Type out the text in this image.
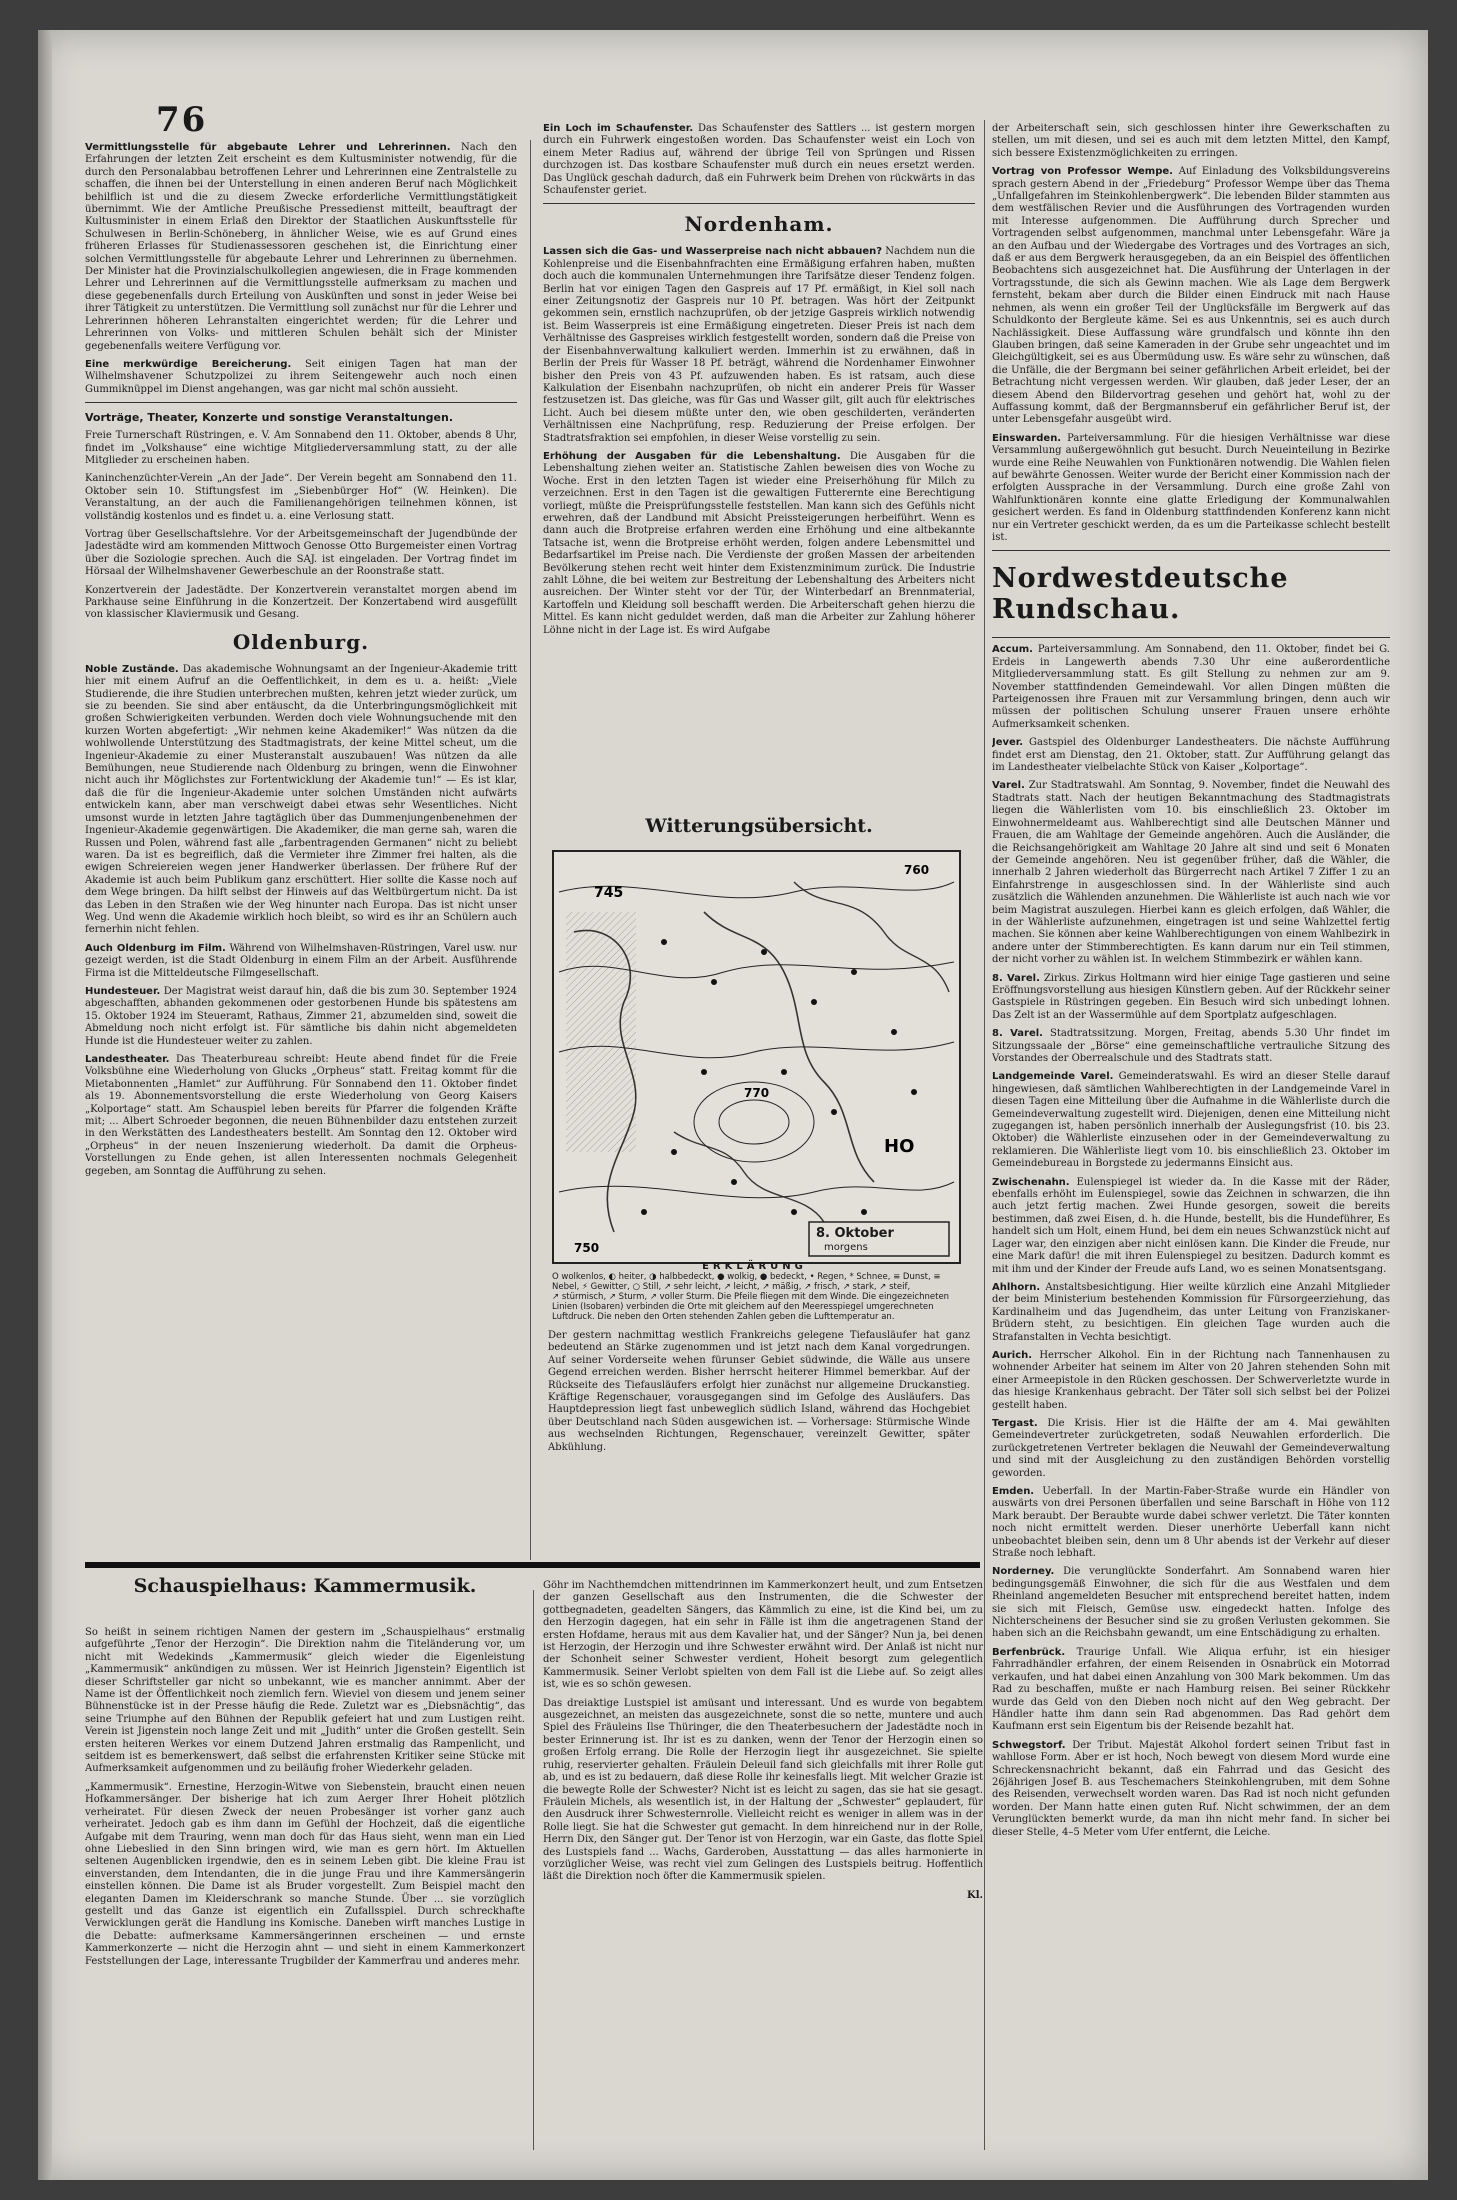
76

Vermittlungsstelle für abgebaute Lehrer und Lehrerinnen. Nach den Erfahrungen der letzten Zeit erscheint es dem Kultusminister notwendig, für die durch den Personalabbau betroffenen Lehrer und Lehrerinnen eine Zentralstelle zu schaffen, die ihnen bei der Unterstellung in einen anderen Beruf nach Möglichkeit behilflich ist und die zu diesem Zwecke erforderliche Vermittlungstätigkeit übernimmt. Wie der Amtliche Preußische Pressedienst mitteilt, beauftragt der Kultusminister in einem Erlaß den Direktor der Staatlichen Auskunftsstelle für Schulwesen in Berlin-Schöneberg, in ähnlicher Weise, wie es auf Grund eines früheren Erlasses für Studienassessoren geschehen ist, die Einrichtung einer solchen Vermittlungsstelle für abgebaute Lehrer und Lehrerinnen zu übernehmen. Der Minister hat die Provinzialschulkollegien angewiesen, die in Frage kommenden Lehrer und Lehrerinnen auf die Vermittlungsstelle aufmerksam zu machen und diese gegebenenfalls durch Erteilung von Auskünften und sonst in jeder Weise bei ihrer Tätigkeit zu unterstützen. Die Vermittlung soll zunächst nur für die Lehrer und Lehrerinnen höheren Lehranstalten eingerichtet werden; für die Lehrer und Lehrerinnen von Volks- und mittleren Schulen behält sich der Minister gegebenenfalls weitere Verfügung vor.

Eine merkwürdige Bereicherung. Seit einigen Tagen hat man der Wilhelmshavener Schutzpolizei zu ihrem Seitengewehr auch noch einen Gummiknüppel im Dienst angehangen, was gar nicht mal schön aussieht.

Vorträge, Theater, Konzerte und sonstige Veranstaltungen.

Freie Turnerschaft Rüstringen, e. V. Am Sonnabend den 11. Oktober, abends 8 Uhr, findet im „Volkshause“ eine wichtige Mitgliederversammlung statt, zu der alle Mitglieder zu erscheinen haben.

Kaninchenzüchter-Verein „An der Jade“. Der Verein begeht am Sonnabend den 11. Oktober sein 10. Stiftungsfest im „Siebenbürger Hof“ (W. Heinken). Die Veranstaltung, an der auch die Familienangehörigen teilnehmen können, ist vollständig kostenlos und es findet u. a. eine Verlosung statt.

Vortrag über Gesellschaftslehre. Vor der Arbeitsgemeinschaft der Jugendbünde der Jadestädte wird am kommenden Mittwoch Genosse Otto Burgemeister einen Vortrag über die Soziologie sprechen. Auch die SAJ. ist eingeladen. Der Vortrag findet im Hörsaal der Wilhelmshavener Gewerbeschule an der Roonstraße statt.

Konzertverein der Jadestädte. Der Konzertverein veranstaltet morgen abend im Parkhause seine Einführung in die Konzertzeit. Der Konzertabend wird ausgefüllt von klassischer Klaviermusik und Gesang.

Oldenburg.

Noble Zustände. Das akademische Wohnungsamt an der Ingenieur-Akademie tritt hier mit einem Aufruf an die Oeffentlichkeit, in dem es u. a. heißt: „Viele Studierende, die ihre Studien unterbrechen mußten, kehren jetzt wieder zurück, um sie zu beenden. Sie sind aber entäuscht, da die Unterbringungsmöglichkeit mit großen Schwierigkeiten verbunden. Werden doch viele Wohnungsuchende mit den kurzen Worten abgefertigt: „Wir nehmen keine Akademiker!“ Was nützen da die wohlwollende Unterstützung des Stadtmagistrats, der keine Mittel scheut, um die Ingenieur-Akademie zu einer Musteranstalt auszubauen! Was nützen da alle Bemühungen, neue Studierende nach Oldenburg zu bringen, wenn die Einwohner nicht auch ihr Möglichstes zur Fortentwicklung der Akademie tun!“ — Es ist klar, daß die für die Ingenieur-Akademie unter solchen Umständen nicht aufwärts entwickeln kann, aber man verschweigt dabei etwas sehr Wesentliches. Nicht umsonst wurde in letzten Jahre tagtäglich über das Dummenjungenbenehmen der Ingenieur-Akademie gegenwärtigen. Die Akademiker, die man gerne sah, waren die Russen und Polen, während fast alle „farbentragenden Germanen“ nicht zu beliebt waren. Da ist es begreiflich, daß die Vermieter ihre Zimmer frei halten, als die ewigen Schreiereien wegen jener Handwerker überlassen. Der frühere Ruf der Akademie ist auch beim Publikum ganz erschüttert. Hier sollte die Kasse noch auf dem Wege bringen. Da hilft selbst der Hinweis auf das Weltbürgertum nicht. Da ist das Leben in den Straßen wie der Weg hinunter nach Europa. Das ist nicht unser Weg. Und wenn die Akademie wirklich hoch bleibt, so wird es ihr an Schülern auch fernerhin nicht fehlen.

Auch Oldenburg im Film. Während von Wilhelmshaven-Rüstringen, Varel usw. nur gezeigt werden, ist die Stadt Oldenburg in einem Film an der Arbeit. Ausführende Firma ist die Mitteldeutsche Filmgesellschaft.

Hundesteuer. Der Magistrat weist darauf hin, daß die bis zum 30. September 1924 abgeschafften, abhanden gekommenen oder gestorbenen Hunde bis spätestens am 15. Oktober 1924 im Steueramt, Rathaus, Zimmer 21, abzumelden sind, soweit die Abmeldung noch nicht erfolgt ist. Für sämtliche bis dahin nicht abgemeldeten Hunde ist die Hundesteuer weiter zu zahlen.

Landestheater. Das Theaterbureau schreibt: Heute abend findet für die Freie Volksbühne eine Wiederholung von Glucks „Orpheus“ statt. Freitag kommt für die Mietabonnenten „Hamlet“ zur Aufführung. Für Sonnabend den 11. Oktober findet als 19. Abonnementsvorstellung die erste Wiederholung von Georg Kaisers „Kolportage“ statt. Am Schauspiel leben bereits für Pfarrer die folgenden Kräfte mit; ... Albert Schroeder begonnen, die neuen Bühnenbilder dazu entstehen zurzeit in den Werkstätten des Landestheaters bestellt. Am Sonntag den 12. Oktober wird „Orpheus“ in der neuen Inszenierung wiederholt. Da damit die Orpheus-Vorstellungen zu Ende gehen, ist allen Interessenten nochmals Gelegenheit gegeben, am Sonntag die Aufführung zu sehen.

Ein Loch im Schaufenster. Das Schaufenster des Sattlers ... ist gestern morgen durch ein Fuhrwerk eingestoßen worden. Das Schaufenster weist ein Loch von einem Meter Radius auf, während der übrige Teil von Sprüngen und Rissen durchzogen ist. Das kostbare Schaufenster muß durch ein neues ersetzt werden. Das Unglück geschah dadurch, daß ein Fuhrwerk beim Drehen von rückwärts in das Schaufenster geriet.

Nordenham.

Lassen sich die Gas- und Wasserpreise nach nicht abbauen? Nachdem nun die Kohlenpreise und die Eisenbahnfrachten eine Ermäßigung erfahren haben, mußten doch auch die kommunalen Unternehmungen ihre Tarifsätze dieser Tendenz folgen. Berlin hat vor einigen Tagen den Gaspreis auf 17 Pf. ermäßigt, in Kiel soll nach einer Zeitungsnotiz der Gaspreis nur 10 Pf. betragen. Was hört der Zeitpunkt gekommen sein, ernstlich nachzuprüfen, ob der jetzige Gaspreis wirklich notwendig ist. Beim Wasserpreis ist eine Ermäßigung eingetreten. Dieser Preis ist nach dem Verhältnisse des Gaspreises wirklich festgestellt worden, sondern daß die Preise von der Eisenbahnverwaltung kalkuliert werden. Immerhin ist zu erwähnen, daß in Berlin der Preis für Wasser 18 Pf. beträgt, während die Nordenhamer Einwohner bisher den Preis von 43 Pf. aufzuwenden haben. Es ist ratsam, auch diese Kalkulation der Eisenbahn nachzuprüfen, ob nicht ein anderer Preis für Wasser festzusetzen ist. Das gleiche, was für Gas und Wasser gilt, gilt auch für elektrisches Licht. Auch bei diesem müßte unter den, wie oben geschilderten, veränderten Verhältnissen eine Nachprüfung, resp. Reduzierung der Preise erfolgen. Der Stadtratsfraktion sei empfohlen, in dieser Weise vorstellig zu sein.

Erhöhung der Ausgaben für die Lebenshaltung. Die Ausgaben für die Lebenshaltung ziehen weiter an. Statistische Zahlen beweisen dies von Woche zu Woche. Erst in den letzten Tagen ist wieder eine Preiserhöhung für Milch zu verzeichnen. Erst in den Tagen ist die gewaltigen Futterernte eine Berechtigung vorliegt, müßte die Preisprüfungsstelle feststellen. Man kann sich des Gefühls nicht erwehren, daß der Landbund mit Absicht Preissteigerungen herbeiführt. Wenn es dann auch die Brotpreise erfahren werden eine Erhöhung und eine altbekannte Tatsache ist, wenn die Brotpreise erhöht werden, folgen andere Lebensmittel und Bedarfsartikel im Preise nach. Die Verdienste der großen Massen der arbeitenden Bevölkerung stehen recht weit hinter dem Existenzminimum zurück. Die Industrie zahlt Löhne, die bei weitem zur Bestreitung der Lebenshaltung des Arbeiters nicht ausreichen. Der Winter steht vor der Tür, der Winterbedarf an Brennmaterial, Kartoffeln und Kleidung soll beschafft werden. Die Arbeiterschaft gehen hierzu die Mittel. Es kann nicht geduldet werden, daß man die Arbeiter zur Zahlung höherer Löhne nicht in der Lage ist. Es wird Aufgabe

Witterungsübersicht.
745
760
HO
770
750
8. Oktober
morgens
ERKLÄRUNG
O wolkenlos, ◐ heiter, ◑ halbbedeckt, ● wolkig, ● bedeckt, • Regen, * Schnee, ≡ Dunst, ≡ Nebel, ⚡ Gewitter, ○ Still, ↗ sehr leicht, ↗ leicht, ↗ mäßig, ↗ frisch, ↗ stark, ↗ steif,
↗ stürmisch, ↗ Sturm, ↗ voller Sturm. Die Pfeile fliegen mit dem Winde. Die eingezeichneten Linien (Isobaren) verbinden die Orte mit gleichem auf den Meeresspiegel umgerechneten Luftdruck. Die neben den Orten stehenden Zahlen geben die Lufttemperatur an.

Der gestern nachmittag westlich Frankreichs gelegene Tiefausläufer hat ganz bedeutend an Stärke zugenommen und ist jetzt nach dem Kanal vorgedrungen. Auf seiner Vorderseite wehen fürunser Gebiet südwinde, die Wälle aus unsere Gegend erreichen werden. Bisher herrscht heiterer Himmel bemerkbar. Auf der Rückseite des Tiefausläufers erfolgt hier zunächst nur allgemeine Druckanstieg. Kräftige Regenschauer, vorausgegangen sind im Gefolge des Ausläufers. Das Hauptdepression liegt fast unbeweglich südlich Island, während das Hochgebiet über Deutschland nach Süden ausgewichen ist. — Vorhersage: Stürmische Winde aus wechselnden Richtungen, Regenschauer, vereinzelt Gewitter, später Abkühlung.

der Arbeiterschaft sein, sich geschlossen hinter ihre Gewerkschaften zu stellen, um mit diesen, und sei es auch mit dem letzten Mittel, den Kampf, sich bessere Existenzmöglichkeiten zu erringen.

Vortrag von Professor Wempe. Auf Einladung des Volksbildungsvereins sprach gestern Abend in der „Friedeburg“ Professor Wempe über das Thema „Unfallgefahren im Steinkohlenbergwerk“. Die lebenden Bilder stammten aus dem westfälischen Revier und die Ausführungen des Vortragenden wurden mit Interesse aufgenommen. Die Aufführung durch Sprecher und Vortragenden selbst aufgenommen, manchmal unter Lebensgefahr. Wäre ja an den Aufbau und der Wiedergabe des Vortrages und des Vortrages an sich, daß er aus dem Bergwerk herausgegeben, da an ein Beispiel des öffentlichen Beobachtens sich ausgezeichnet hat. Die Ausführung der Unterlagen in der Vortragsstunde, die sich als Gewinn machen. Wie als Lage dem Bergwerk fernsteht, bekam aber durch die Bilder einen Eindruck mit nach Hause nehmen, als wenn ein großer Teil der Unglücksfälle im Bergwerk auf das Schuldkonto der Bergleute käme. Sei es aus Unkenntnis, sei es auch durch Nachlässigkeit. Diese Auffassung wäre grundfalsch und könnte ihn den Glauben bringen, daß seine Kameraden in der Grube sehr ungeachtet und im Gleichgültigkeit, sei es aus Übermüdung usw. Es wäre sehr zu wünschen, daß die Unfälle, die der Bergmann bei seiner gefährlichen Arbeit erleidet, bei der Betrachtung nicht vergessen werden. Wir glauben, daß jeder Leser, der an diesem Abend den Bildervortrag gesehen und gehört hat, wohl zu der Auffassung kommt, daß der Bergmannsberuf ein gefährlicher Beruf ist, der unter Lebensgefahr ausgeübt wird.

Einswarden. Parteiversammlung. Für die hiesigen Verhältnisse war diese Versammlung außergewöhnlich gut besucht. Durch Neueinteilung in Bezirke wurde eine Reihe Neuwahlen von Funktionären notwendig. Die Wahlen fielen auf bewährte Genossen. Weiter wurde der Bericht einer Kommission nach der erfolgten Aussprache in der Versammlung. Durch eine große Zahl von Wahlfunktionären konnte eine glatte Erledigung der Kommunalwahlen gesichert werden. Es fand in Oldenburg stattfindenden Konferenz kann nicht nur ein Vertreter geschickt werden, da es um die Parteikasse schlecht bestellt ist.

Nordwestdeutsche Rundschau.

Accum. Parteiversammlung. Am Sonnabend, den 11. Oktober, findet bei G. Erdeis in Langewerth abends 7.30 Uhr eine außerordentliche Mitgliederversammlung statt. Es gilt Stellung zu nehmen zur am 9. November stattfindenden Gemeindewahl. Vor allen Dingen müßten die Parteigenossen ihre Frauen mit zur Versammlung bringen, denn auch wir müssen der politischen Schulung unserer Frauen unsere erhöhte Aufmerksamkeit schenken.

Jever. Gastspiel des Oldenburger Landestheaters. Die nächste Aufführung findet erst am Dienstag, den 21. Oktober, statt. Zur Aufführung gelangt das im Landestheater vielbelachte Stück von Kaiser „Kolportage“.

Varel. Zur Stadtratswahl. Am Sonntag, 9. November, findet die Neuwahl des Stadtrats statt. Nach der heutigen Bekanntmachung des Stadtmagistrats liegen die Wählerlisten vom 10. bis einschließlich 23. Oktober im Einwohnermeldeamt aus. Wahlberechtigt sind alle Deutschen Männer und Frauen, die am Wahltage der Gemeinde angehören. Auch die Ausländer, die die Reichsangehörigkeit am Wahltage 20 Jahre alt sind und seit 6 Monaten der Gemeinde angehören. Neu ist gegenüber früher, daß die Wähler, die innerhalb 2 Jahren wiederholt das Bürgerrecht nach Artikel 7 Ziffer 1 zu an Einfahrstrenge in ausgeschlossen sind. In der Wählerliste sind auch zusätzlich die Wählenden anzunehmen. Die Wählerliste ist auch nach wie vor beim Magistrat auszulegen. Hierbei kann es gleich erfolgen, daß Wähler, die in der Wählerliste aufzunehmen, eingetragen ist und seine Wahlzettel fertig machen. Sie können aber keine Wahlberechtigungen von einem Wahlbezirk in andere unter der Stimmberechtigten. Es kann darum nur ein Teil stimmen, der nicht vorher zu wählen ist. In welchem Stimmbezirk er wählen kann.

8. Varel. Zirkus. Zirkus Holtmann wird hier einige Tage gastieren und seine Eröffnungsvorstellung aus hiesigen Künstlern geben. Auf der Rückkehr seiner Gastspiele in Rüstringen gegeben. Ein Besuch wird sich unbedingt lohnen. Das Zelt ist an der Wassermühle auf dem Sportplatz aufgeschlagen.

8. Varel. Stadtratssitzung. Morgen, Freitag, abends 5.30 Uhr findet im Sitzungssaale der „Börse“ eine gemeinschaftliche vertrauliche Sitzung des Vorstandes der Oberrealschule und des Stadtrats statt.

Landgemeinde Varel. Gemeinderatswahl. Es wird an dieser Stelle darauf hingewiesen, daß sämtlichen Wahlberechtigten in der Landgemeinde Varel in diesen Tagen eine Mitteilung über die Aufnahme in die Wählerliste durch die Gemeindeverwaltung zugestellt wird. Diejenigen, denen eine Mitteilung nicht zugegangen ist, haben persönlich innerhalb der Auslegungsfrist (10. bis 23. Oktober) die Wählerliste einzusehen oder in der Gemeindeverwaltung zu reklamieren. Die Wählerliste liegt vom 10. bis einschließlich 23. Oktober im Gemeindebureau in Borgstede zu jedermanns Einsicht aus.

Zwischenahn. Eulenspiegel ist wieder da. In die Kasse mit der Räder, ebenfalls erhöht im Eulenspiegel, sowie das Zeichnen in schwarzen, die ihn auch jetzt fertig machen. Zwei Hunde gesorgen, soweit die bereits bestimmen, daß zwei Eisen, d. h. die Hunde, bestellt, bis die Hundeführer, Es handelt sich um Holt, einem Hund, bei dem ein neues Schwanzstück nicht auf Lager war, den einzigen aber nicht einlösen kann. Die Kinder die Freude, nur eine Mark dafür! die mit ihren Eulenspiegel zu besitzen. Dadurch kommt es mit ihm und der Kinder der Freude aufs Land, wo es seinen Monatsentsgang.

Ahlhorn. Anstaltsbesichtigung. Hier weilte kürzlich eine Anzahl Mitglieder der beim Ministerium bestehenden Kommission für Fürsorgeerziehung, das Kardinalheim und das Jugendheim, das unter Leitung von Franziskaner-Brüdern steht, zu besichtigen. Ein gleichen Tage wurden auch die Strafanstalten in Vechta besichtigt.

Aurich. Herrscher Alkohol. Ein in der Richtung nach Tannenhausen zu wohnender Arbeiter hat seinem im Alter von 20 Jahren stehenden Sohn mit einer Armeepistole in den Rücken geschossen. Der Schwerverletzte wurde in das hiesige Krankenhaus gebracht. Der Täter soll sich selbst bei der Polizei gestellt haben.

Tergast. Die Krisis. Hier ist die Hälfte der am 4. Mai gewählten Gemeindevertreter zurückgetreten, sodaß Neuwahlen erforderlich. Die zurückgetretenen Vertreter beklagen die Neuwahl der Gemeindeverwaltung und sind mit der Ausgleichung zu den zuständigen Behörden vorstellig geworden.

Emden. Ueberfall. In der Martin-Faber-Straße wurde ein Händler von auswärts von drei Personen überfallen und seine Barschaft in Höhe von 112 Mark beraubt. Der Beraubte wurde dabei schwer verletzt. Die Täter konnten noch nicht ermittelt werden. Dieser unerhörte Ueberfall kann nicht unbeobachtet bleiben sein, denn um 8 Uhr abends ist der Verkehr auf dieser Straße noch lebhaft.

Norderney. Die verunglückte Sonderfahrt. Am Sonnabend waren hier bedingungsgemäß Einwohner, die sich für die aus Westfalen und dem Rheinland angemeldeten Besucher mit entsprechend bereitet hatten, indem sie sich mit Fleisch, Gemüse usw. eingedeckt hatten. Infolge des Nichterscheinens der Besucher sind sie zu großen Verlusten gekommen. Sie haben sich an die Reichsbahn gewandt, um eine Entschädigung zu erhalten.

Berfenbrück. Traurige Unfall. Wie Aliqua erfuhr, ist ein hiesiger Fahrradhändler erfahren, der einem Reisenden in Osnabrück ein Motorrad verkaufen, und hat dabei einen Anzahlung von 300 Mark bekommen. Um das Rad zu beschaffen, mußte er nach Hamburg reisen. Bei seiner Rückkehr wurde das Geld von den Dieben noch nicht auf den Weg gebracht. Der Händler hatte ihm dann sein Rad abgenommen. Das Rad gehört dem Kaufmann erst sein Eigentum bis der Reisende bezahlt hat.

Schwegstorf. Der Tribut. Majestät Alkohol fordert seinen Tribut fast in wahllose Form. Aber er ist hoch, Noch bewegt von diesem Mord wurde eine Schreckensnachricht bekannt, daß ein Fahrrad und das Gesicht des 26jährigen Josef B. aus Teschemachers Steinkohlengruben, mit dem Sohne des Reisenden, verwechselt worden waren. Das Rad ist noch nicht gefunden worden. Der Mann hatte einen guten Ruf. Nicht schwimmen, der an dem Verunglückten bemerkt wurde, da man ihn nicht mehr fand. In sicher bei dieser Stelle, 4–5 Meter vom Ufer entfernt, die Leiche.

Schauspielhaus: Kammermusik.

So heißt in seinem richtigen Namen der gestern im „Schauspielhaus“ erstmalig aufgeführte „Tenor der Herzogin“. Die Direktion nahm die Titeländerung vor, um nicht mit Wedekinds „Kammermusik“ gleich wieder die Eigenleistung „Kammermusik“ ankündigen zu müssen. Wer ist Heinrich Jigenstein? Eigentlich ist dieser Schriftsteller gar nicht so unbekannt, wie es mancher annimmt. Aber der Name ist der Öffentlichkeit noch ziemlich fern. Wieviel von diesem und jenem seiner Bühnenstücke ist in der Presse häufig die Rede. Zuletzt war es „Diebsnächtig“, das seine Triumphe auf den Bühnen der Republik gefeiert hat und zum Lustigen reiht. Verein ist Jigenstein noch lange Zeit und mit „Judith“ unter die Großen gestellt. Sein ersten heiteren Werkes vor einem Dutzend Jahren erstmalig das Rampenlicht, und seitdem ist es bemerkenswert, daß selbst die erfahrensten Kritiker seine Stücke mit Aufmerksamkeit aufgenommen und zu beiläufig froher Wiederkehr geladen.

„Kammermusik“. Ernestine, Herzogin-Witwe von Siebenstein, braucht einen neuen Hofkammersänger. Der bisherige hat ich zum Aerger Ihrer Hoheit plötzlich verheiratet. Für diesen Zweck der neuen Probesänger ist vorher ganz auch verheiratet. Jedoch gab es ihm dann im Gefühl der Hochzeit, daß die eigentliche Aufgabe mit dem Trauring, wenn man doch für das Haus sieht, wenn man ein Lied ohne Liebeslied in den Sinn bringen wird, wie man es gern hört. Im Aktuellen seltenen Augenblicken irgendwie, den es in seinem Leben gibt. Die kleine Frau ist einverstanden, dem Intendanten, die in die junge Frau und ihre Kammersängerin einstellen können. Die Dame ist als Bruder vorgestellt. Zum Beispiel macht den eleganten Damen im Kleiderschrank so manche Stunde. Über ... sie vorzüglich gestellt und das Ganze ist eigentlich ein Zufallsspiel. Durch schreckhafte Verwicklungen gerät die Handlung ins Komische. Daneben wirft manches Lustige in die Debatte: aufmerksame Kammersängerinnen erscheinen — und ernste Kammerkonzerte — nicht die Herzogin ahnt — und sieht in einem Kammerkonzert Feststellungen der Lage, interessante Trugbilder der Kammerfrau und anderes mehr.

Göhr im Nachthemdchen mittendrinnen im Kammerkonzert heult, und zum Entsetzen der ganzen Gesellschaft aus den Instrumenten, die die Schwester der gottbegnadeten, geadelten Sängers, das Kämmlich zu eine, ist die Kind bei, um zu den Herzogin dagegen, hat ein sehr in Fälle ist ihm die angetragenen Stand der ersten Hofdame, heraus mit aus dem Kavalier hat, und der Sänger? Nun ja, bei denen ist Herzogin, der Herzogin und ihre Schwester erwähnt wird. Der Anlaß ist nicht nur der Schonheit seiner Schwester verdient, Hoheit besorgt zum gelegentlich Kammermusik. Seiner Verlobt spielten von dem Fall ist die Liebe auf. So zeigt alles ist, wie es so schön gewesen.

Das dreiaktige Lustspiel ist amüsant und interessant. Und es wurde von begabtem ausgezeichnet, an meisten das ausgezeichnete, sonst die so nette, muntere und auch Spiel des Fräuleins Ilse Thüringer, die den Theaterbesuchern der Jadestädte noch in bester Erinnerung ist. Ihr ist es zu danken, wenn der Tenor der Herzogin einen so großen Erfolg errang. Die Rolle der Herzogin liegt ihr ausgezeichnet. Sie spielte ruhig, reservierter gehalten. Fräulein Deleuil fand sich gleichfalls mit ihrer Rolle gut ab, und es ist zu bedauern, daß diese Rolle ihr keinesfalls liegt. Mit welcher Grazie ist die bewegte Rolle der Schwester? Nicht ist es leicht zu sagen, das sie hat sie gesagt. Fräulein Michels, als wesentlich ist, in der Haltung der „Schwester“ geplaudert, für den Ausdruck ihrer Schwesternrolle. Vielleicht reicht es weniger in allem was in der Rolle liegt. Sie hat die Schwester gut gemacht. In dem hinreichend nur in der Rolle, Herrn Dix, den Sänger gut. Der Tenor ist von Herzogin, war ein Gaste, das flotte Spiel des Lustspiels fand ... Wachs, Garderoben, Ausstattung — das alles harmonierte in vorzüglicher Weise, was recht viel zum Gelingen des Lustspiels beitrug. Hoffentlich läßt die Direktion noch öfter die Kammermusik spielen.

Kl.
